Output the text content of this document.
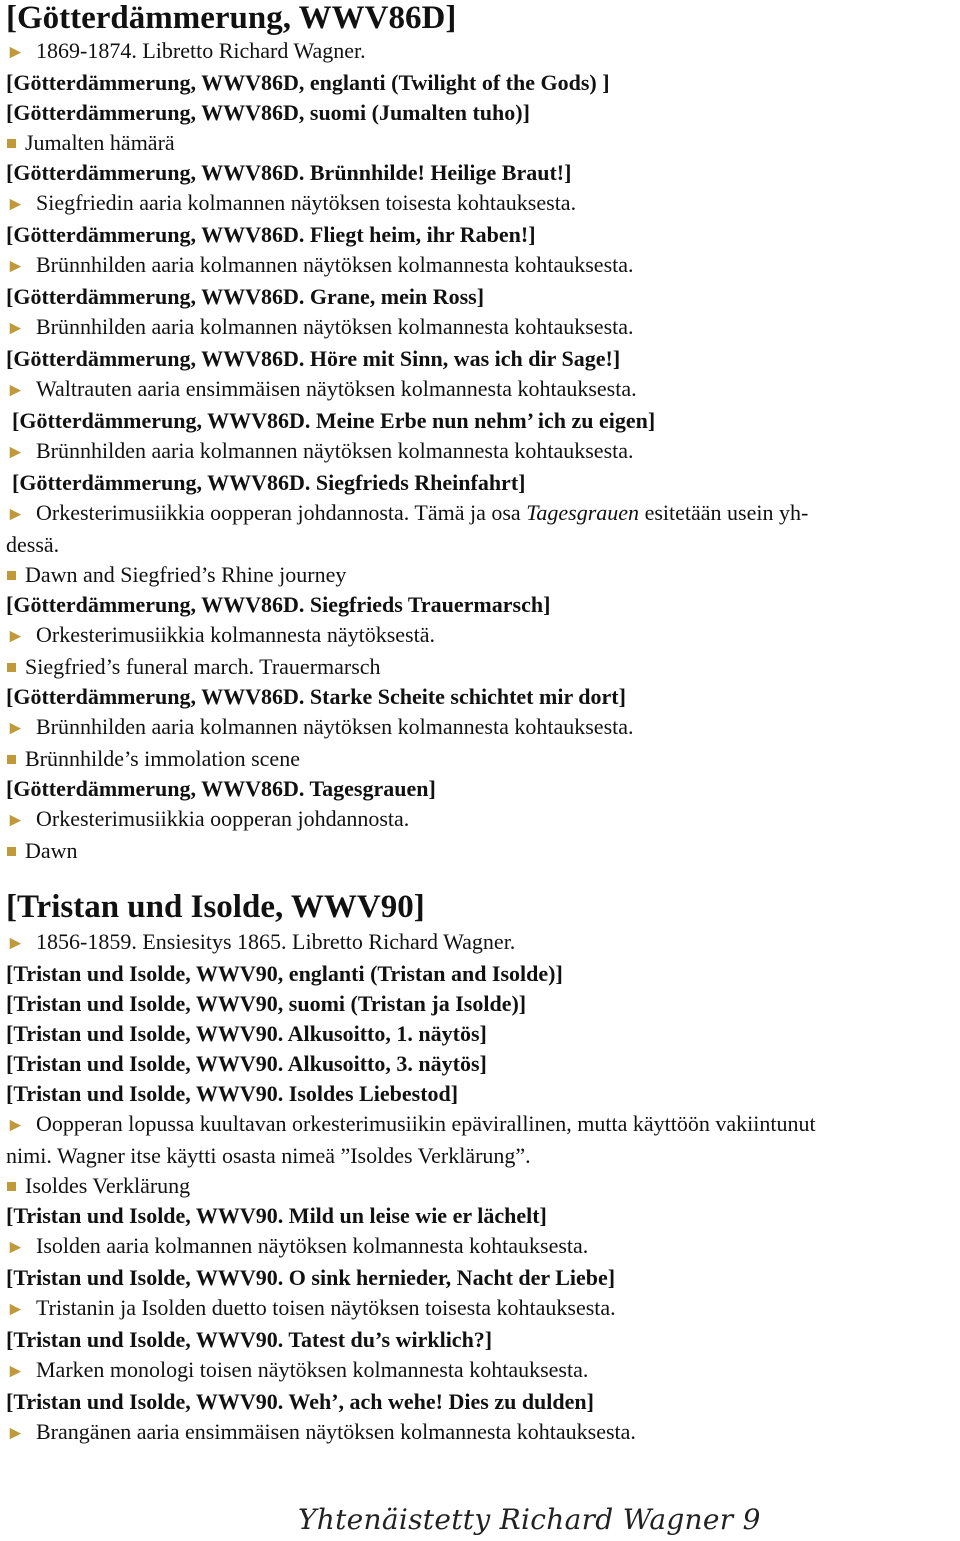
[Götterdämmerung, WWV86D]
► 1869-1874. Libretto Richard Wagner.
[Götterdämmerung, WWV86D, englanti (Twilight of the Gods) ]
[Götterdämmerung, WWV86D, suomi (Jumalten tuho)]
Jumalten hämärä
[Götterdämmerung, WWV86D. Brünnhilde! Heilige Braut!]
► Siegfriedin aaria kolmannen näytöksen toisesta kohtauksesta.
[Götterdämmerung, WWV86D. Fliegt heim, ihr Raben!]
► Brünnhilden aaria kolmannen näytöksen kolmannesta kohtauksesta.
[Götterdämmerung, WWV86D. Grane, mein Ross]
► Brünnhilden aaria kolmannen näytöksen kolmannesta kohtauksesta.
[Götterdämmerung, WWV86D. Höre mit Sinn, was ich dir Sage!]
► Waltrauten aaria ensimmäisen näytöksen kolmannesta kohtauksesta.
[Götterdämmerung, WWV86D. Meine Erbe nun nehm’ ich zu eigen]
► Brünnhilden aaria kolmannen näytöksen kolmannesta kohtauksesta.
[Götterdämmerung, WWV86D. Siegfrieds Rheinfahrt]
► Orkesterimusiikkia oopperan johdannosta. Tämä ja osa Tagesgrauen esitetään usein yh-
dessä.
Dawn and Siegfried’s Rhine journey
[Götterdämmerung, WWV86D. Siegfrieds Trauermarsch]
► Orkesterimusiikkia kolmannesta näytöksestä.
Siegfried’s funeral march. Trauermarsch
[Götterdämmerung, WWV86D. Starke Scheite schichtet mir dort]
► Brünnhilden aaria kolmannen näytöksen kolmannesta kohtauksesta.
Brünnhilde’s immolation scene
[Götterdämmerung, WWV86D. Tagesgrauen]
► Orkesterimusiikkia oopperan johdannosta.
Dawn
[Tristan und Isolde, WWV90]
► 1856-1859. Ensiesitys 1865. Libretto Richard Wagner.
[Tristan und Isolde, WWV90, englanti (Tristan and Isolde)]
[Tristan und Isolde, WWV90, suomi (Tristan ja Isolde)]
[Tristan und Isolde, WWV90. Alkusoitto, 1. näytös]
[Tristan und Isolde, WWV90. Alkusoitto, 3. näytös]
[Tristan und Isolde, WWV90. Isoldes Liebestod]
► Oopperan lopussa kuultavan orkesterimusiikin epävirallinen, mutta käyttöön vakiintunut
nimi. Wagner itse käytti osasta nimeä ”Isoldes Verklärung”.
Isoldes Verklärung
[Tristan und Isolde, WWV90. Mild un leise wie er lächelt]
► Isolden aaria kolmannen näytöksen kolmannesta kohtauksesta.
[Tristan und Isolde, WWV90. O sink hernieder, Nacht der Liebe]
► Tristanin ja Isolden duetto toisen näytöksen toisesta kohtauksesta.
[Tristan und Isolde, WWV90. Tatest du’s wirklich?]
► Marken monologi toisen näytöksen kolmannesta kohtauksesta.
[Tristan und Isolde, WWV90. Weh’, ach wehe! Dies zu dulden]
► Brangänen aaria ensimmäisen näytöksen kolmannesta kohtauksesta.
Yhtenäistetty Richard Wagner 9
